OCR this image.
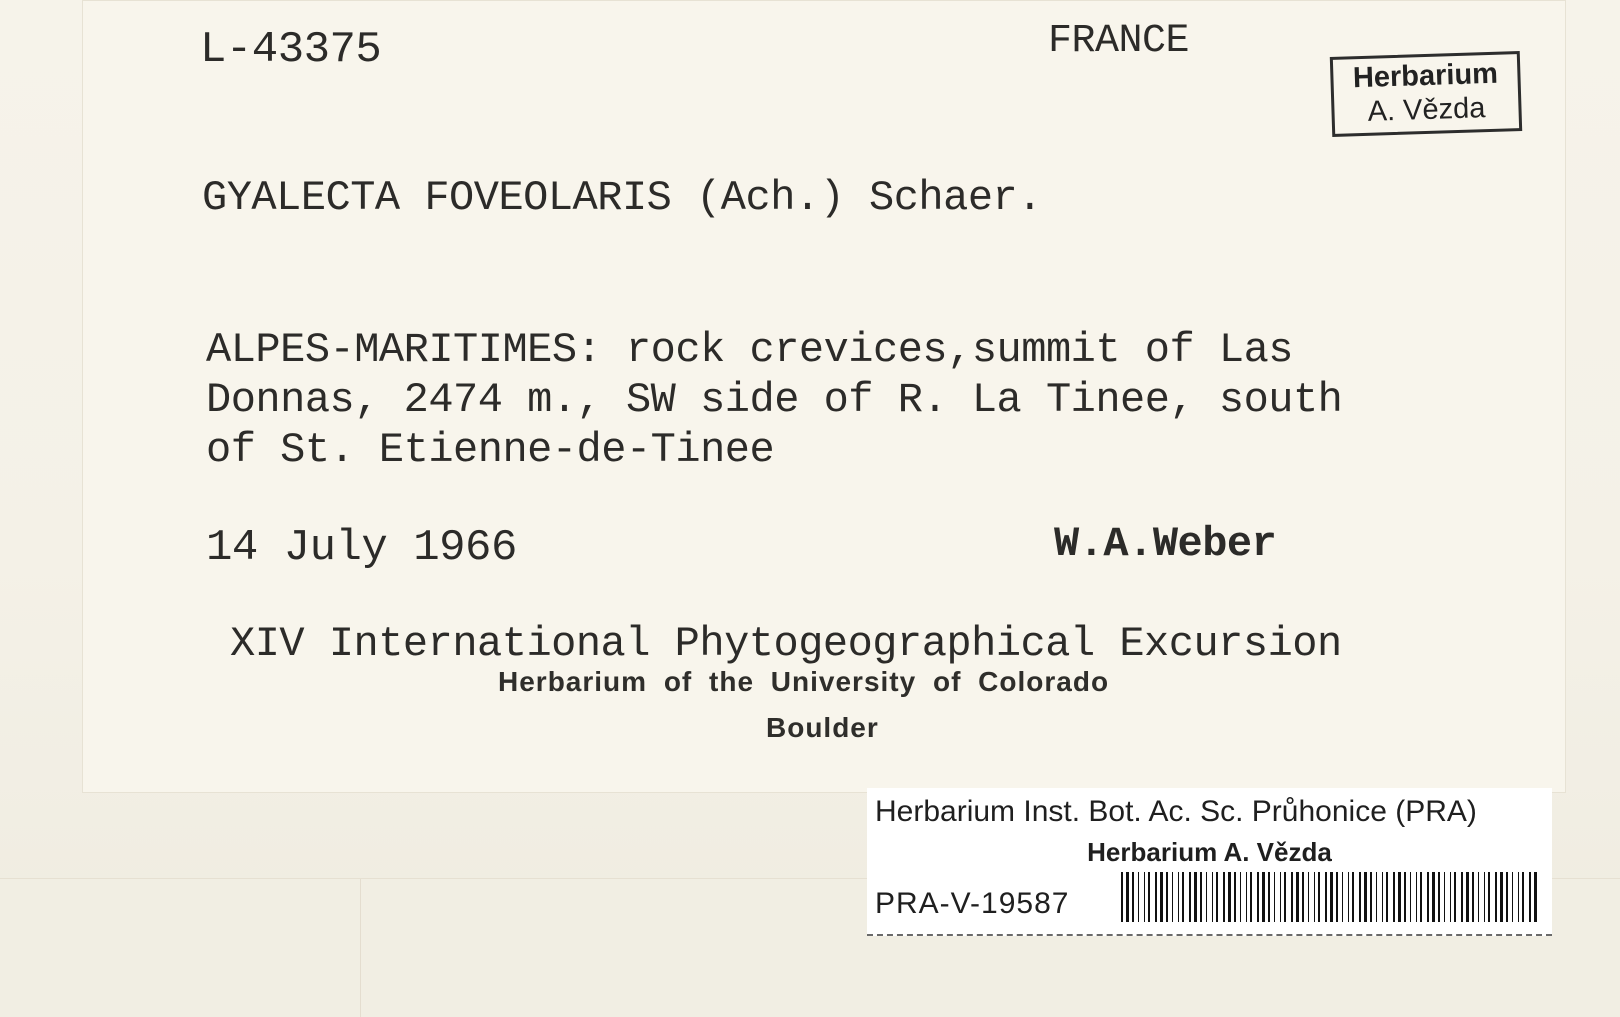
L-43375	FRANCE
Herbarium
A. Vězda
GYALECTA FOVEOLARIS (Ach.) Schaer.
ALPES-MARITIMES: rock crevices,summit of Las
Donnas, 2474 m., SW side of R. La Tinee, south
of St. Etienne-de-Tinee
14 July 1966	W.A.Weber
XIV International Phytogeographical Excursion
Herbarium of the University of Colorado
Boulder
Herbarium Inst. Bot. Ac. Sc. Průhonice (PRA)
Herbarium A. Vězda
PRA-V-19587
